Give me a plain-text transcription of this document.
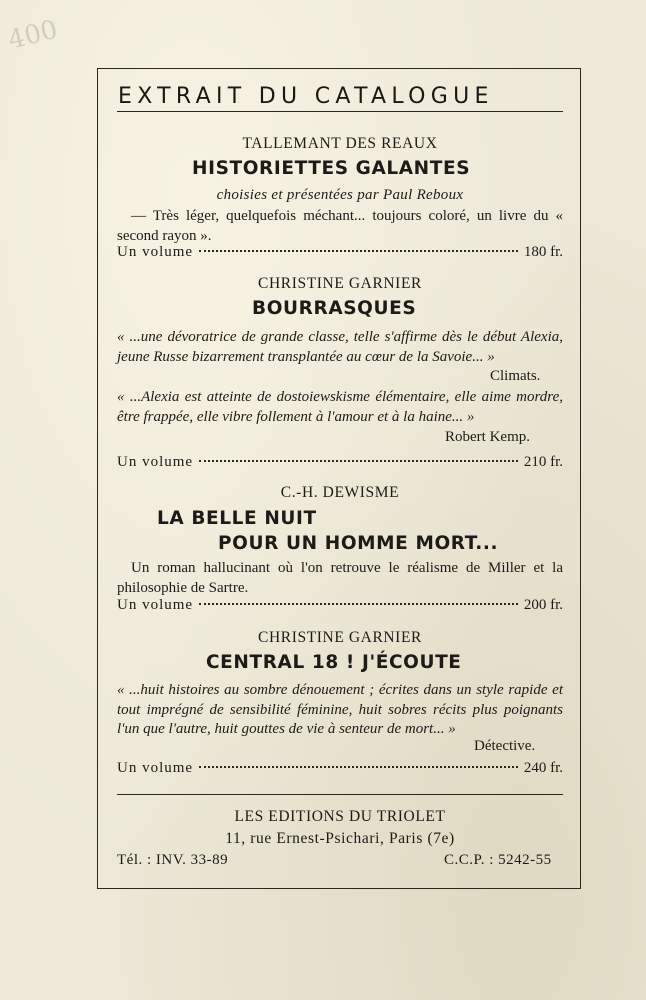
400
EXTRAIT DU CATALOGUE
TALLEMANT DES REAUX
HISTORIETTES GALANTES
choisies et présentées par Paul Reboux
— Très léger, quelquefois méchant... toujours coloré, un livre du « second rayon ».
Un volume	180 fr.
CHRISTINE GARNIER
BOURRASQUES
« ...une dévoratrice de grande classe, telle s'affirme dès le début Alexia, jeune Russe bizarrement transplantée au cœur de la Savoie... »
Climats.
« ...Alexia est atteinte de dostoiewskisme élémentaire, elle aime mordre, être frappée, elle vibre follement à l'amour et à la haine... »
Robert Kemp.
Un volume	210 fr.
C.-H. DEWISME
LA BELLE NUIT
POUR UN HOMME MORT...
Un roman hallucinant où l'on retrouve le réalisme de Miller et la philosophie de Sartre.
Un volume	200 fr.
CHRISTINE GARNIER
CENTRAL 18 ! J'ÉCOUTE
« ...huit histoires au sombre dénouement ; écrites dans un style rapide et tout imprégné de sensibilité féminine, huit sobres récits plus poignants l'un que l'autre, huit gouttes de vie à senteur de mort... »
Détective.
Un volume	240 fr.
LES EDITIONS DU TRIOLET
11, rue Ernest-Psichari, Paris (7e)
Tél. : INV. 33-89	C.C.P. : 5242-55
